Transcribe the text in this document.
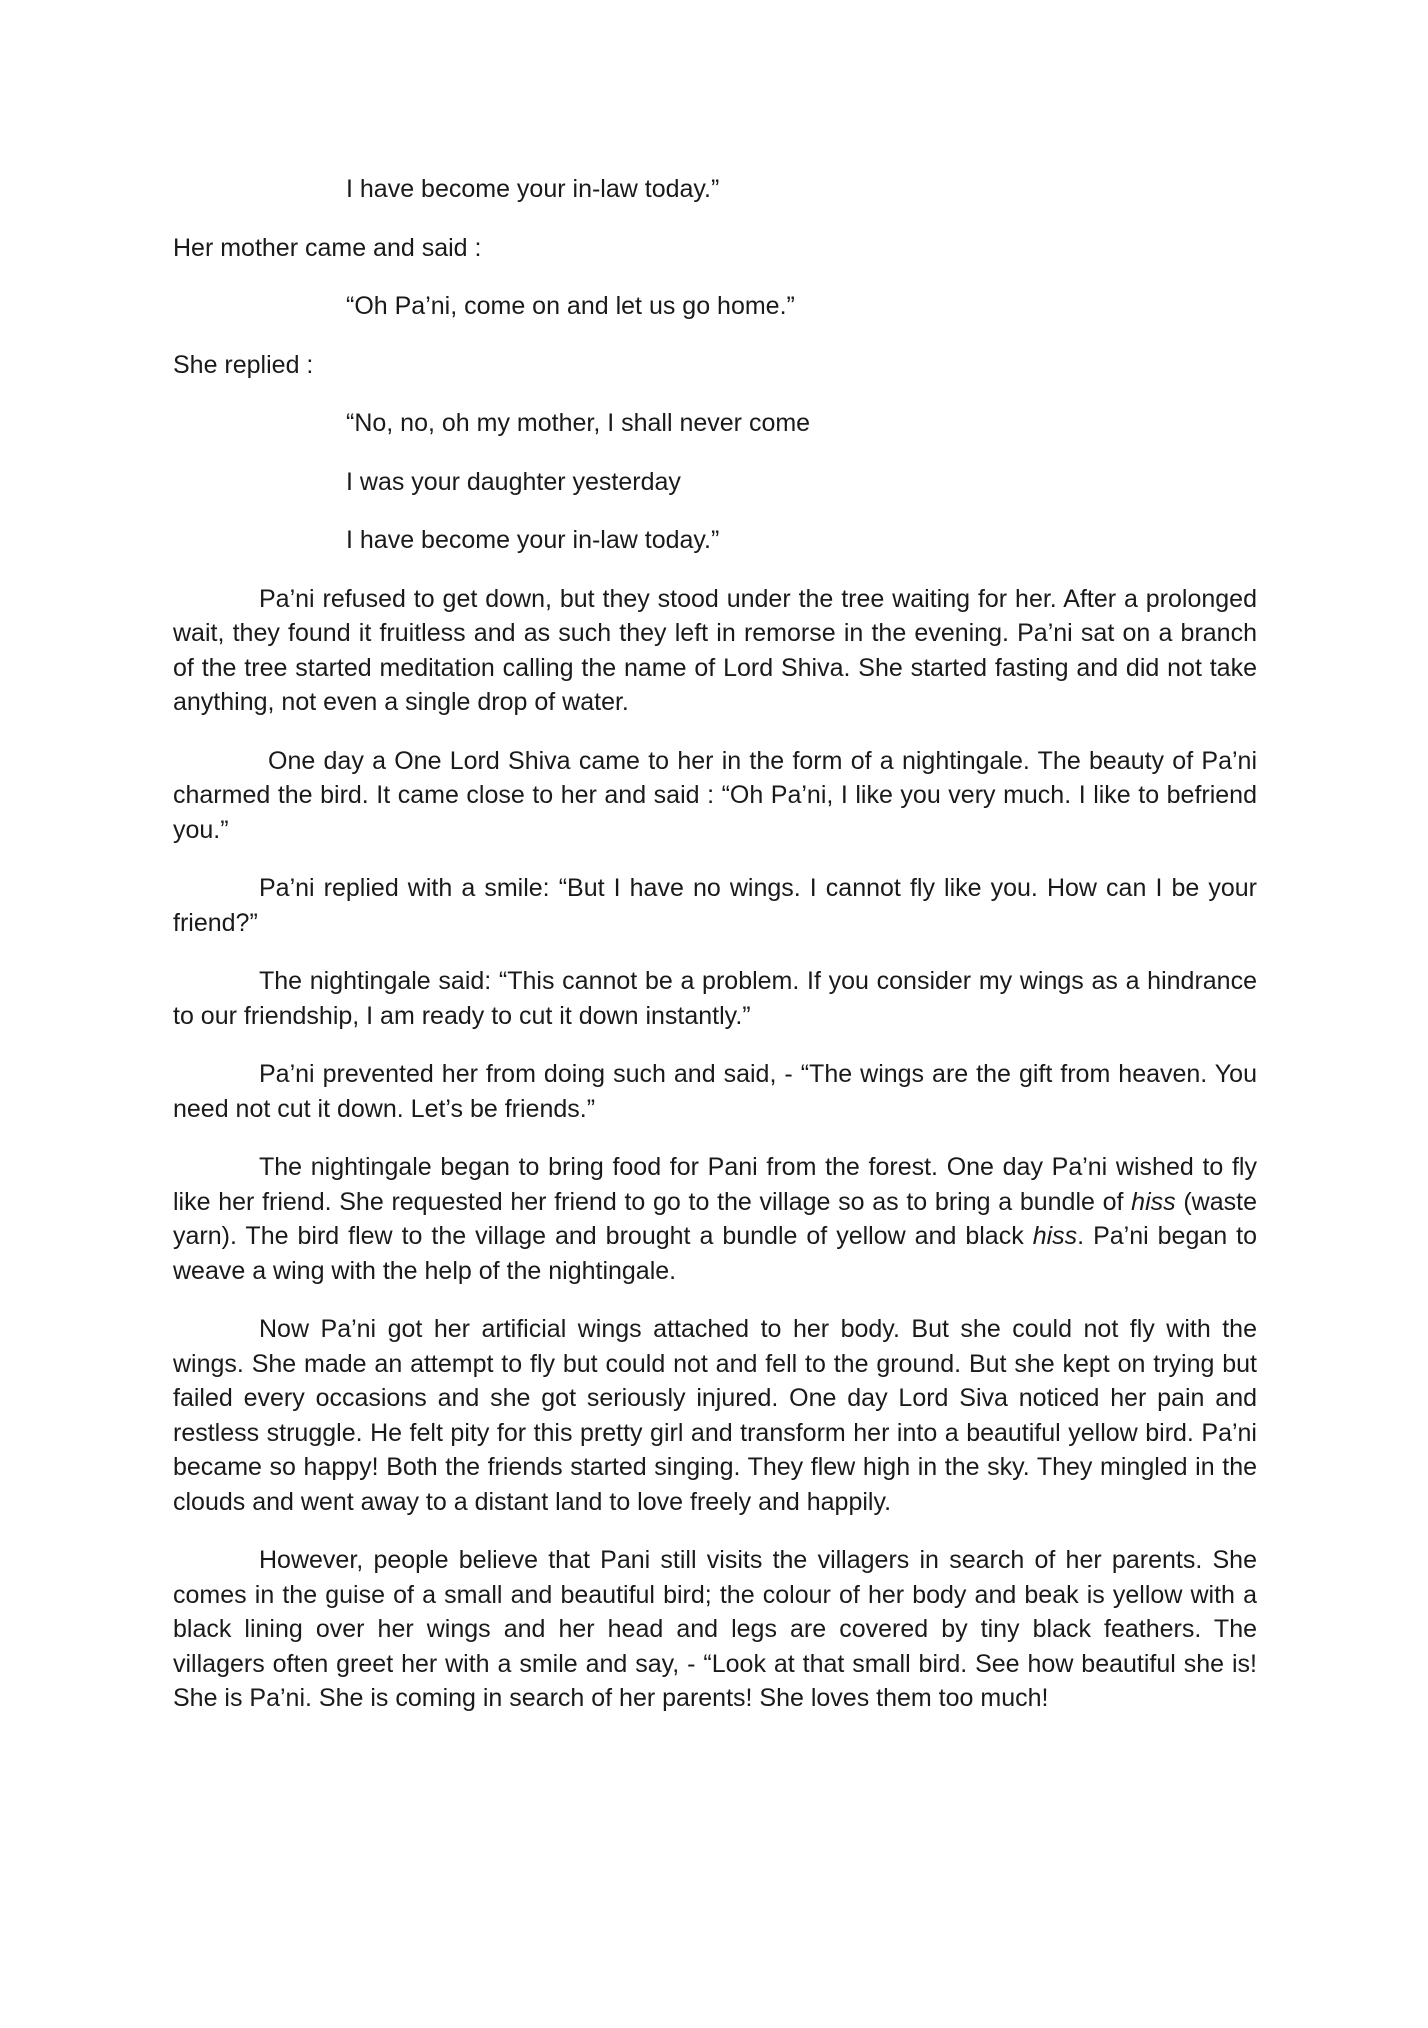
I have become your in-law today.”

Her mother came and said :

“Oh Pa’ni, come on and let us go home.”

She replied :

“No, no, oh my mother, I shall never come

I was your daughter yesterday

I have become your in-law today.”

Pa’ni refused to get down, but they stood under the tree waiting for her. After a prolonged wait, they found it fruitless and as such they left in remorse in the evening. Pa’ni sat on a branch of the tree started meditation calling the name of Lord Shiva. She started fasting and did not take anything, not even a single drop of water.

One day a One Lord Shiva came to her in the form of a nightingale. The beauty of Pa’ni charmed the bird. It came close to her and said : “Oh Pa’ni, I like you very much. I like to befriend you.”

Pa’ni replied with a smile: “But I have no wings. I cannot fly like you. How can I be your friend?”

The nightingale said: “This cannot be a problem. If you consider my wings as a hindrance to our friendship, I am ready to cut it down instantly.”

Pa’ni prevented her from doing such and said, - “The wings are the gift from heaven. You need not cut it down. Let’s be friends.”

The nightingale began to bring food for Pani from the forest. One day Pa’ni wished to fly like her friend. She requested her friend to go to the village so as to bring a bundle of hiss (waste yarn). The bird flew to the village and brought a bundle of yellow and black hiss. Pa’ni began to weave a wing with the help of the nightingale.

Now Pa’ni got her artificial wings attached to her body. But she could not fly with the wings. She made an attempt to fly but could not and fell to the ground. But she kept on trying but failed every occasions and she got seriously injured. One day Lord Siva noticed her pain and restless struggle. He felt pity for this pretty girl and transform her into a beautiful yellow bird. Pa’ni became so happy! Both the friends started singing. They flew high in the sky. They mingled in the clouds and went away to a distant land to love freely and happily.

However, people believe that Pani still visits the villagers in search of her parents. She comes in the guise of a small and beautiful bird; the colour of her body and beak is yellow with a black lining over her wings and her head and legs are covered by tiny black feathers. The villagers often greet her with a smile and say, - “Look at that small bird. See how beautiful she is! She is Pa’ni. She is coming in search of her parents! She loves them too much!
